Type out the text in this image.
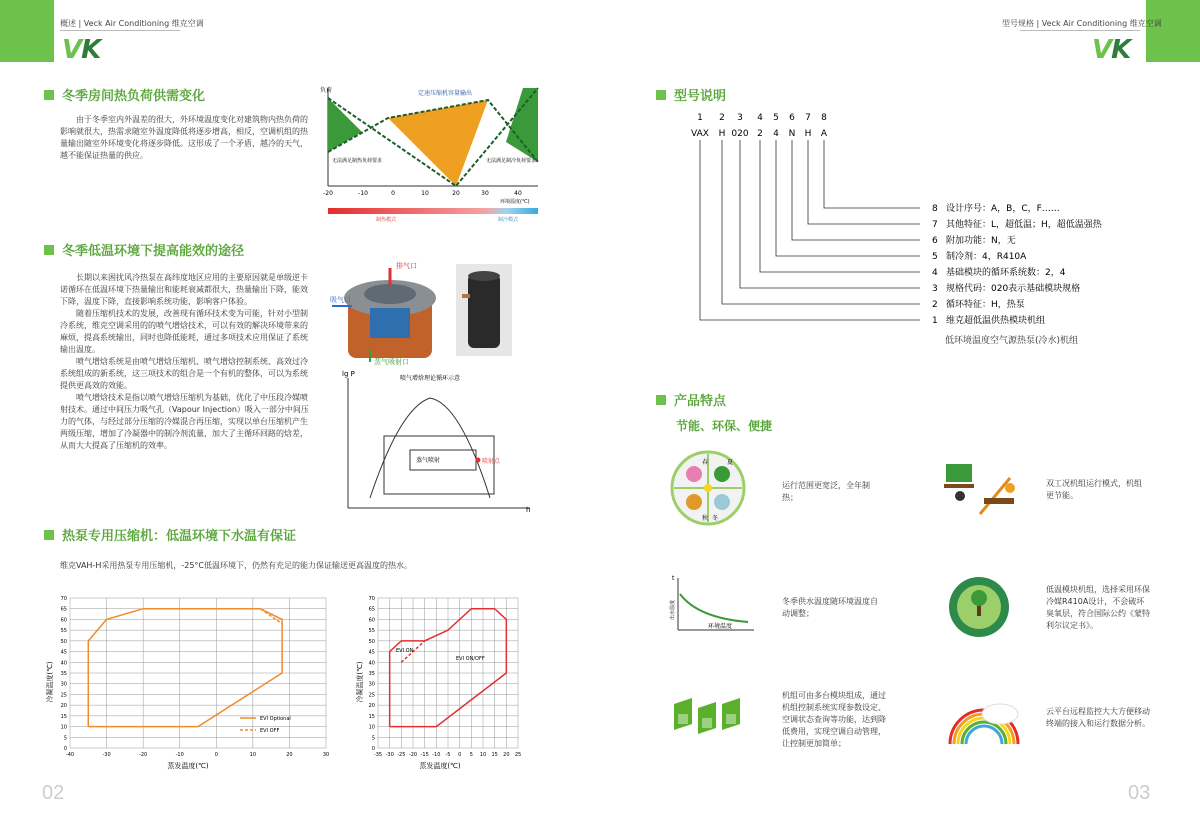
概述 | Veck Air Conditioning 维克空调
VK
型号规格 | Veck Air Conditioning 维克空调
VK
冬季房间热负荷供需变化
由于冬季室内外温差的很大，外环境温度变化对建筑物内热负荷的影响就很大，热需求随室外温度降低将逐步增高，相反，空调机组的热量输出随室外环境变化将逐步降低。这形成了一个矛盾，越冷的天气，越不能保证热量的供应。
负荷	定速压缩机容量输出
无法满足制热负荷要求	无法满足制冷负荷要求
-20	-10	0	10	20	30	40
环境温度(℃)
制热模式	制冷模式
冬季低温环境下提高能效的途径
长期以来困扰风冷热泵在高纬度地区应用的主要原因就是单级逆卡诺循环在低温环境下热量输出和能耗衰减都很大，热量输出下降，能效下降，温度下降，直接影响系统功能，影响客户体验。
随着压缩机技术的发展，改善现有循环技术变为可能，针对小型制冷系统，维克空调采用的的喷气增焓技术，可以有效的解决环境带来的麻烦，提高系统输出，同时也降低能耗，通过多项技术应用保证了系统输出温度。
喷气增焓系统是由喷气增焓压缩机、喷气增焓控制系统、高效过冷系统组成的新系统，这三项技术的组合是一个有机的整体，可以为系统提供更高效的效能。
喷气增焓技术是指以喷气增焓压缩机为基础，优化了中压段冷媒喷射技术。通过中间压力吸气孔（Vapour Injection）吸入一部分中间压力的气体，与经过部分压缩的冷媒混合再压缩，实现以单台压缩机产生两级压缩，增加了冷凝器中的制冷剂流量，加大了主循环回路的焓差，从而大大提高了压缩机的效率。
排气口
吸气口
蒸气喷射口
lg P
喷气增焓理论循环示意
蒸气喷射	喷射点
h
热泵专用压缩机：低温环境下水温有保证
维克VAH-H采用热泵专用压缩机，-25°C低温环境下，仍然有充足的能力保证输送更高温度的热水。
-40	-30	-20	-10	0	10	20	30
0
5
10
15
20
25
30
35
40
45
50
55
60
65
70
蒸发温度(℃)
冷凝温度(℃)
EVI Optional
EVI OFF
-35 -30 -25 -20 -15 -10 -5 0 5 10 15 20 25
0
5
10
15
20
25
30
35
40
45
50
55
60
65
70
蒸发温度(℃)
冷凝温度(℃)
EVI ON
EVI ON/OFF
02
型号说明
1
VAX
2
H
3
020
4
2
5
4
6
N
7
H
8
A
8 设计序号：A，B，C，F……
7 其他特征：L，超低温；H，超低温强热
6 附加功能：N，无
5 制冷剂：4，R410A
4 基础模块的循环系统数：2，4
3 规格代码：020表示基础模块规格
2 循环特征：H，热泵
1 维克超低温供热模块机组
低环境温度空气源热泵(冷水)机组
产品特点
节能、环保、便捷
春	夏
秋 冬
运行范围更宽泛，全年制热；
双工况机组运行模式，机组更节能。
t
出水温度
环境温度
冬季供水温度随环境温度自动调整；
低温模块机组，选择采用环保冷媒R410A设计，不会破坏臭氧层，符合国际公约《蒙特利尔议定书》。
机组可由多台模块组成，通过机组控制系统实现参数设定、空调状态查询等功能，达到降低费用，实现空调自动管理，让控制更加简单；
云平台远程监控大大方便移动终端的接入和运行数据分析。
03
